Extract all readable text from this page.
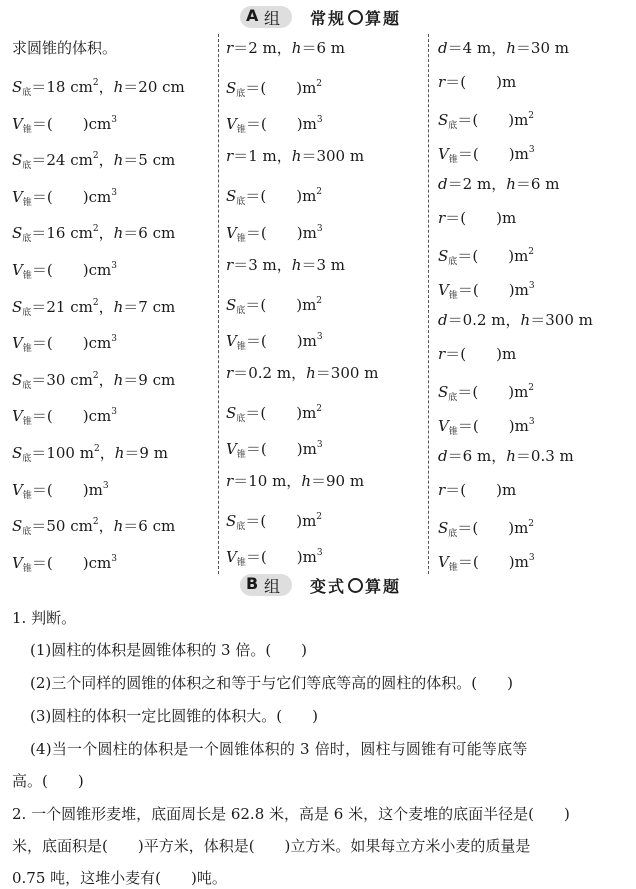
A 组 常规 算题
求圆锥的体积。
$S_底=18$ $cm^2$，h＝20 cm
$V_锥=$(　　 )$cm^3$
$S_底=24$ $cm^2$，h＝5 cm
$V_锥=$(　　 )$cm^3$
$S_底=16$ $cm^2$，h＝6 cm
$V_锥=$(　　 )$cm^3$
$S_底=21$ $cm^2$，h＝7 cm
$V_锥=$(　　 )$cm^3$
$S_底=30$ $cm^2$，h＝9 cm
$V_锥=$(　　 )$cm^3$
$S_底=100$ $m^2$，h＝9 m
$V_锥=$(　　 )$m^3$
$S_底=50$ $cm^2$，h＝6 cm
$V_锥=$(　　 )$cm^3$
r＝2 m，h＝6 m
$S_底=$(　　 )$m^2$
$V_锥=$(　　 )$m^3$
r＝1 m，h＝300 m
$S_底=$(　　 )$m^2$
$V_锥=$(　　 )$m^3$
r＝3 m，h＝3 m
$S_底=$(　　 )$m^2$
$V_锥=$(　　 )$m^3$
r＝0.2 m，h＝300 m
$S_底=$(　　 )$m^2$
$V_锥=$(　　 )$m^3$
r＝10 m，h＝90 m
$S_底=$(　　 )$m^2$
$V_锥=$(　　 )$m^3$
d＝4 m，h＝30 m
r＝(　　 )m
$S_底=$(　　 )$m^2$
$V_锥=$(　　 )$m^3$
d＝2 m，h＝6 m
r＝(　　 )m
$S_底=$(　　 )$m^2$
$V_锥=$(　　 )$m^3$
d＝0.2 m，h＝300 m
r＝(　　 )m
$S_底=$(　　 )$m^2$
$V_锥=$(　　 )$m^3$
d＝6 m，h＝0.3 m
r＝(　　 )m
$S_底=$(　　 )$m^2$
$V_锥=$(　　 )$m^3$
B 组 变式 算题
1. 判断。
(1)圆柱的体积是圆锥体积的 3 倍。(　　)
(2)三个同样的圆锥的体积之和等于与它们等底等高的圆柱的体积。(　　)
(3)圆柱的体积一定比圆锥的体积大。(　　)
(4)当一个圆柱的体积是一个圆锥体积的 3 倍时，圆柱与圆锥有可能等底等
高。(　　)
2. 一个圆锥形麦堆，底面周长是 62.8 米，高是 6 米，这个麦堆的底面半径是(　　)
米，底面积是(　　)平方米，体积是(　　)立方米。如果每立方米小麦的质量是
0.75 吨，这堆小麦有(　　)吨。
